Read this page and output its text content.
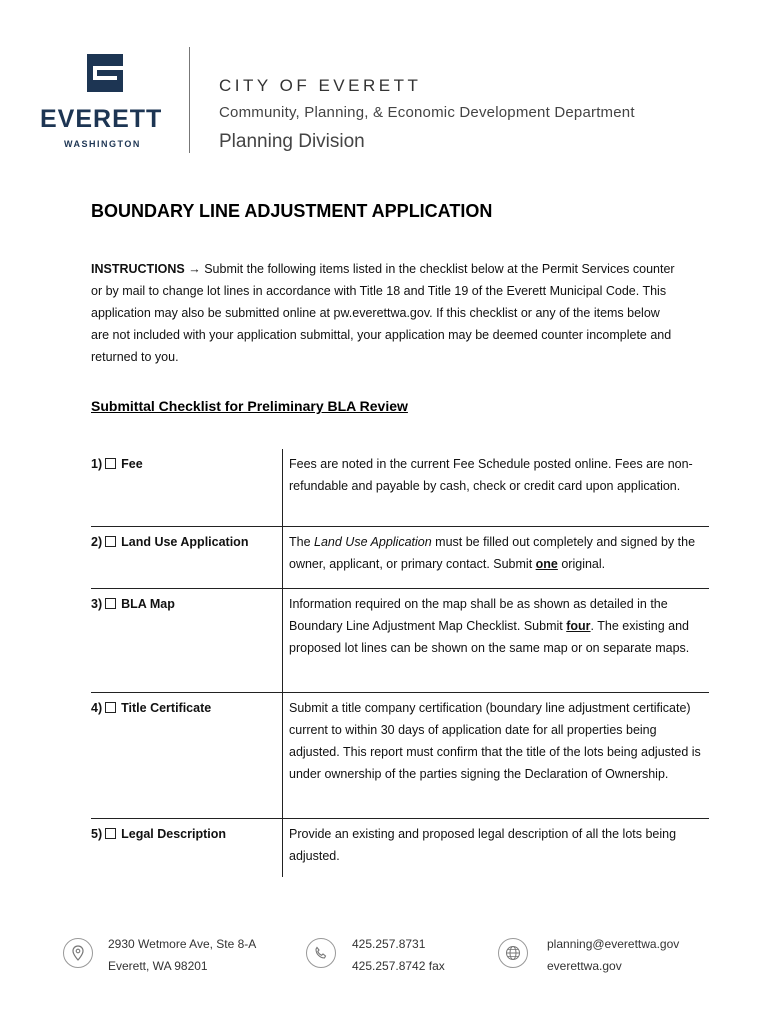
EVERETT
WASHINGTON
CITY OF EVERETT
Community, Planning, & Economic Development Department
Planning Division
BOUNDARY LINE ADJUSTMENT APPLICATION
INSTRUCTIONS → Submit the following items listed in the checklist below at the Permit Services counter or by mail to change lot lines in accordance with Title 18 and Title 19 of the Everett Municipal Code. This application may also be submitted online at pw.everettwa.gov. If this checklist or any of the items below are not included with your application submittal, your application may be deemed counter incomplete and returned to you.
Submittal Checklist for Preliminary BLA Review
1) Fee	Fees are noted in the current Fee Schedule posted online. Fees are non-refundable and payable by cash, check or credit card upon application.
2) Land Use Application	The Land Use Application must be filled out completely and signed by the owner, applicant, or primary contact. Submit one original.
3) BLA Map	Information required on the map shall be as shown as detailed in the Boundary Line Adjustment Map Checklist. Submit four. The existing and proposed lot lines can be shown on the same map or on separate maps.
4) Title Certificate	Submit a title company certification (boundary line adjustment certificate) current to within 30 days of application date for all properties being adjusted. This report must confirm that the title of the lots being adjusted is under ownership of the parties signing the Declaration of Ownership.
5) Legal Description	Provide an existing and proposed legal description of all the lots being adjusted.
2930 Wetmore Ave, Ste 8-A
Everett, WA 98201
425.257.8731
425.257.8742 fax
planning@everettwa.gov
everettwa.gov
